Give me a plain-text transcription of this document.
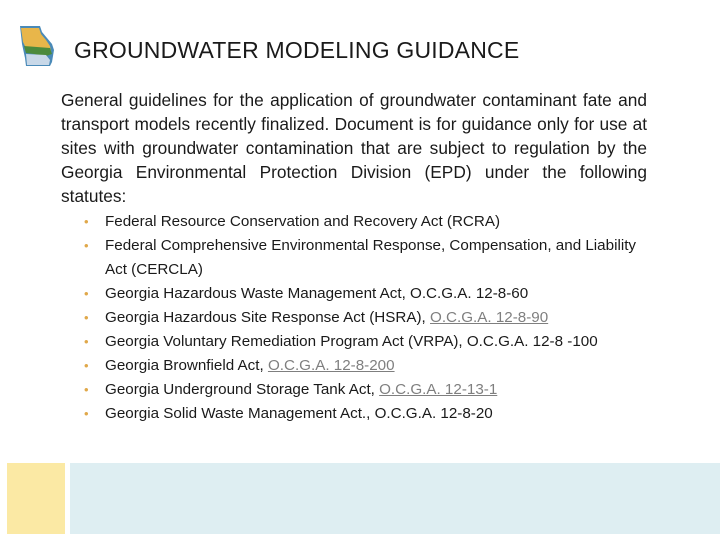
GROUNDWATER MODELING GUIDANCE

General guidelines for the application of groundwater contaminant fate and transport models recently finalized. Document is for guidance only for use at sites with groundwater contamination that are subject to regulation by the Georgia Environmental Protection Division (EPD) under the following statutes:

• Federal Resource Conservation and Recovery Act (RCRA)
• Federal Comprehensive Environmental Response, Compensation, and Liability Act (CERCLA)
• Georgia Hazardous Waste Management Act, O.C.G.A. 12-8-60
• Georgia Hazardous Site Response Act (HSRA), O.C.G.A. 12-8-90
• Georgia Voluntary Remediation Program Act (VRPA), O.C.G.A. 12-8 -100
• Georgia Brownfield Act, O.C.G.A. 12-8-200
• Georgia Underground Storage Tank Act, O.C.G.A. 12-13-1
• Georgia Solid Waste Management Act., O.C.G.A. 12-8-20
